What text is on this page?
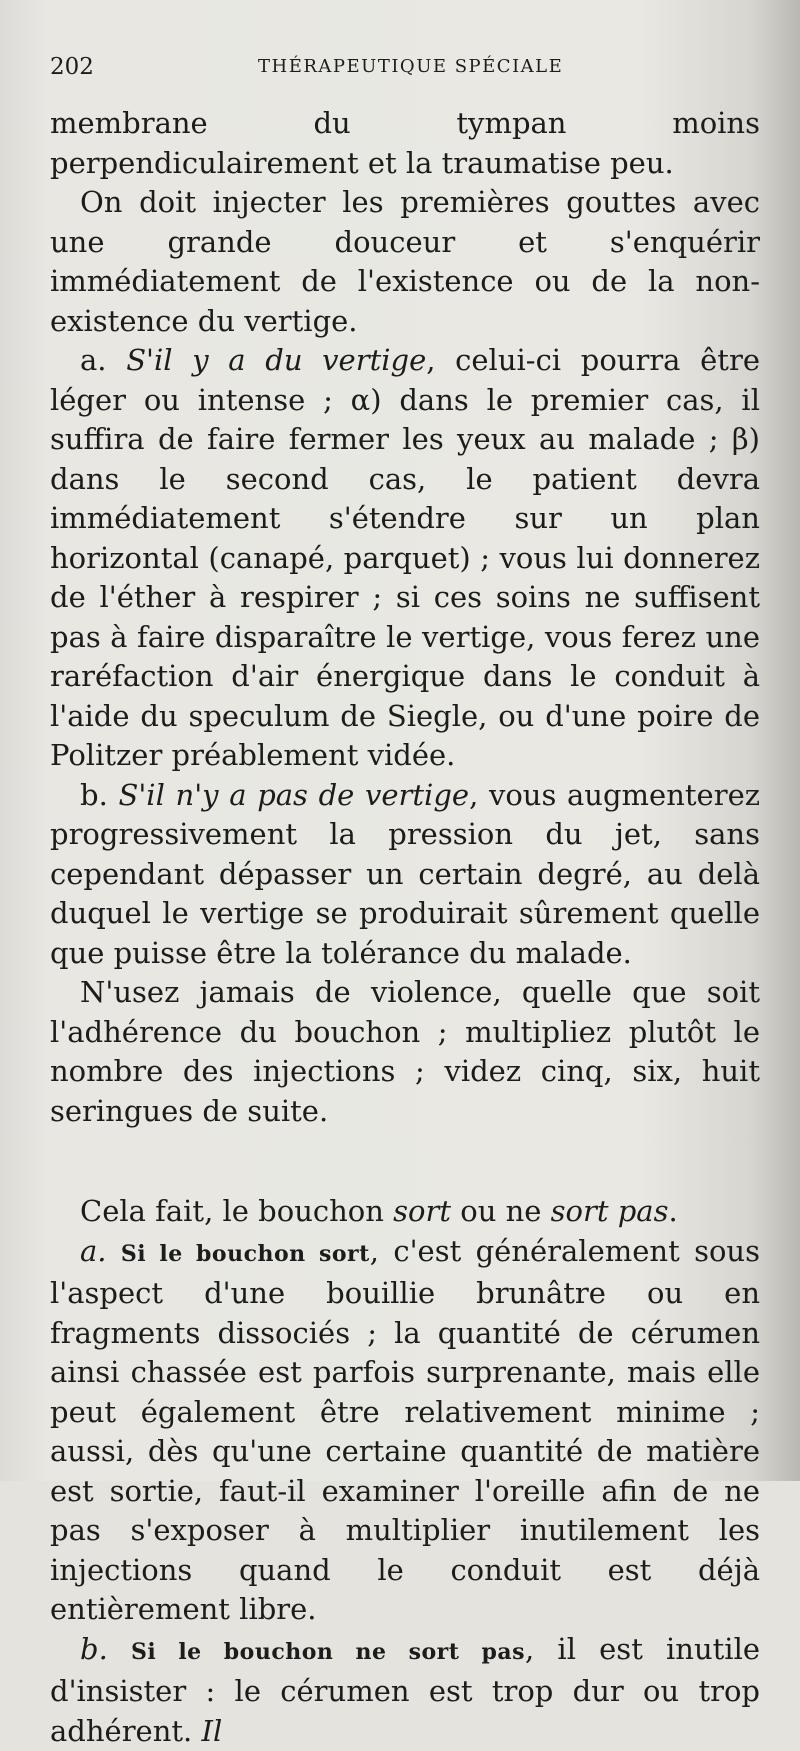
202	THÉRAPEUTIQUE SPÉCIALE

membrane du tympan moins perpendiculairement et la traumatise peu.

On doit injecter les premières gouttes avec une grande douceur et s'enquérir immédiatement de l'existence ou de la non-existence du vertige.

a. S'il y a du vertige, celui-ci pourra être léger ou intense ; α) dans le premier cas, il suffira de faire fermer les yeux au malade ; β) dans le second cas, le patient devra immédiatement s'étendre sur un plan horizontal (canapé, parquet) ; vous lui donnerez de l'éther à respirer ; si ces soins ne suffisent pas à faire disparaître le vertige, vous ferez une raréfaction d'air énergique dans le conduit à l'aide du speculum de Siegle, ou d'une poire de Politzer préablement vidée.

b. S'il n'y a pas de vertige, vous augmenterez progressivement la pression du jet, sans cependant dépasser un certain degré, au delà duquel le vertige se produirait sûrement quelle que puisse être la tolérance du malade.

N'usez jamais de violence, quelle que soit l'adhérence du bouchon ; multipliez plutôt le nombre des injections ; videz cinq, six, huit seringues de suite.

Cela fait, le bouchon sort ou ne sort pas.

a. Si le bouchon sort, c'est généralement sous l'aspect d'une bouillie brunâtre ou en fragments dissociés ; la quantité de cérumen ainsi chassée est parfois surprenante, mais elle peut également être relativement minime ; aussi, dès qu'une certaine quantité de matière est sortie, faut-il examiner l'oreille afin de ne pas s'exposer à multiplier inutilement les injections quand le conduit est déjà entièrement libre.

b. Si le bouchon ne sort pas, il est inutile d'insister : le cérumen est trop dur ou trop adhérent. Il
